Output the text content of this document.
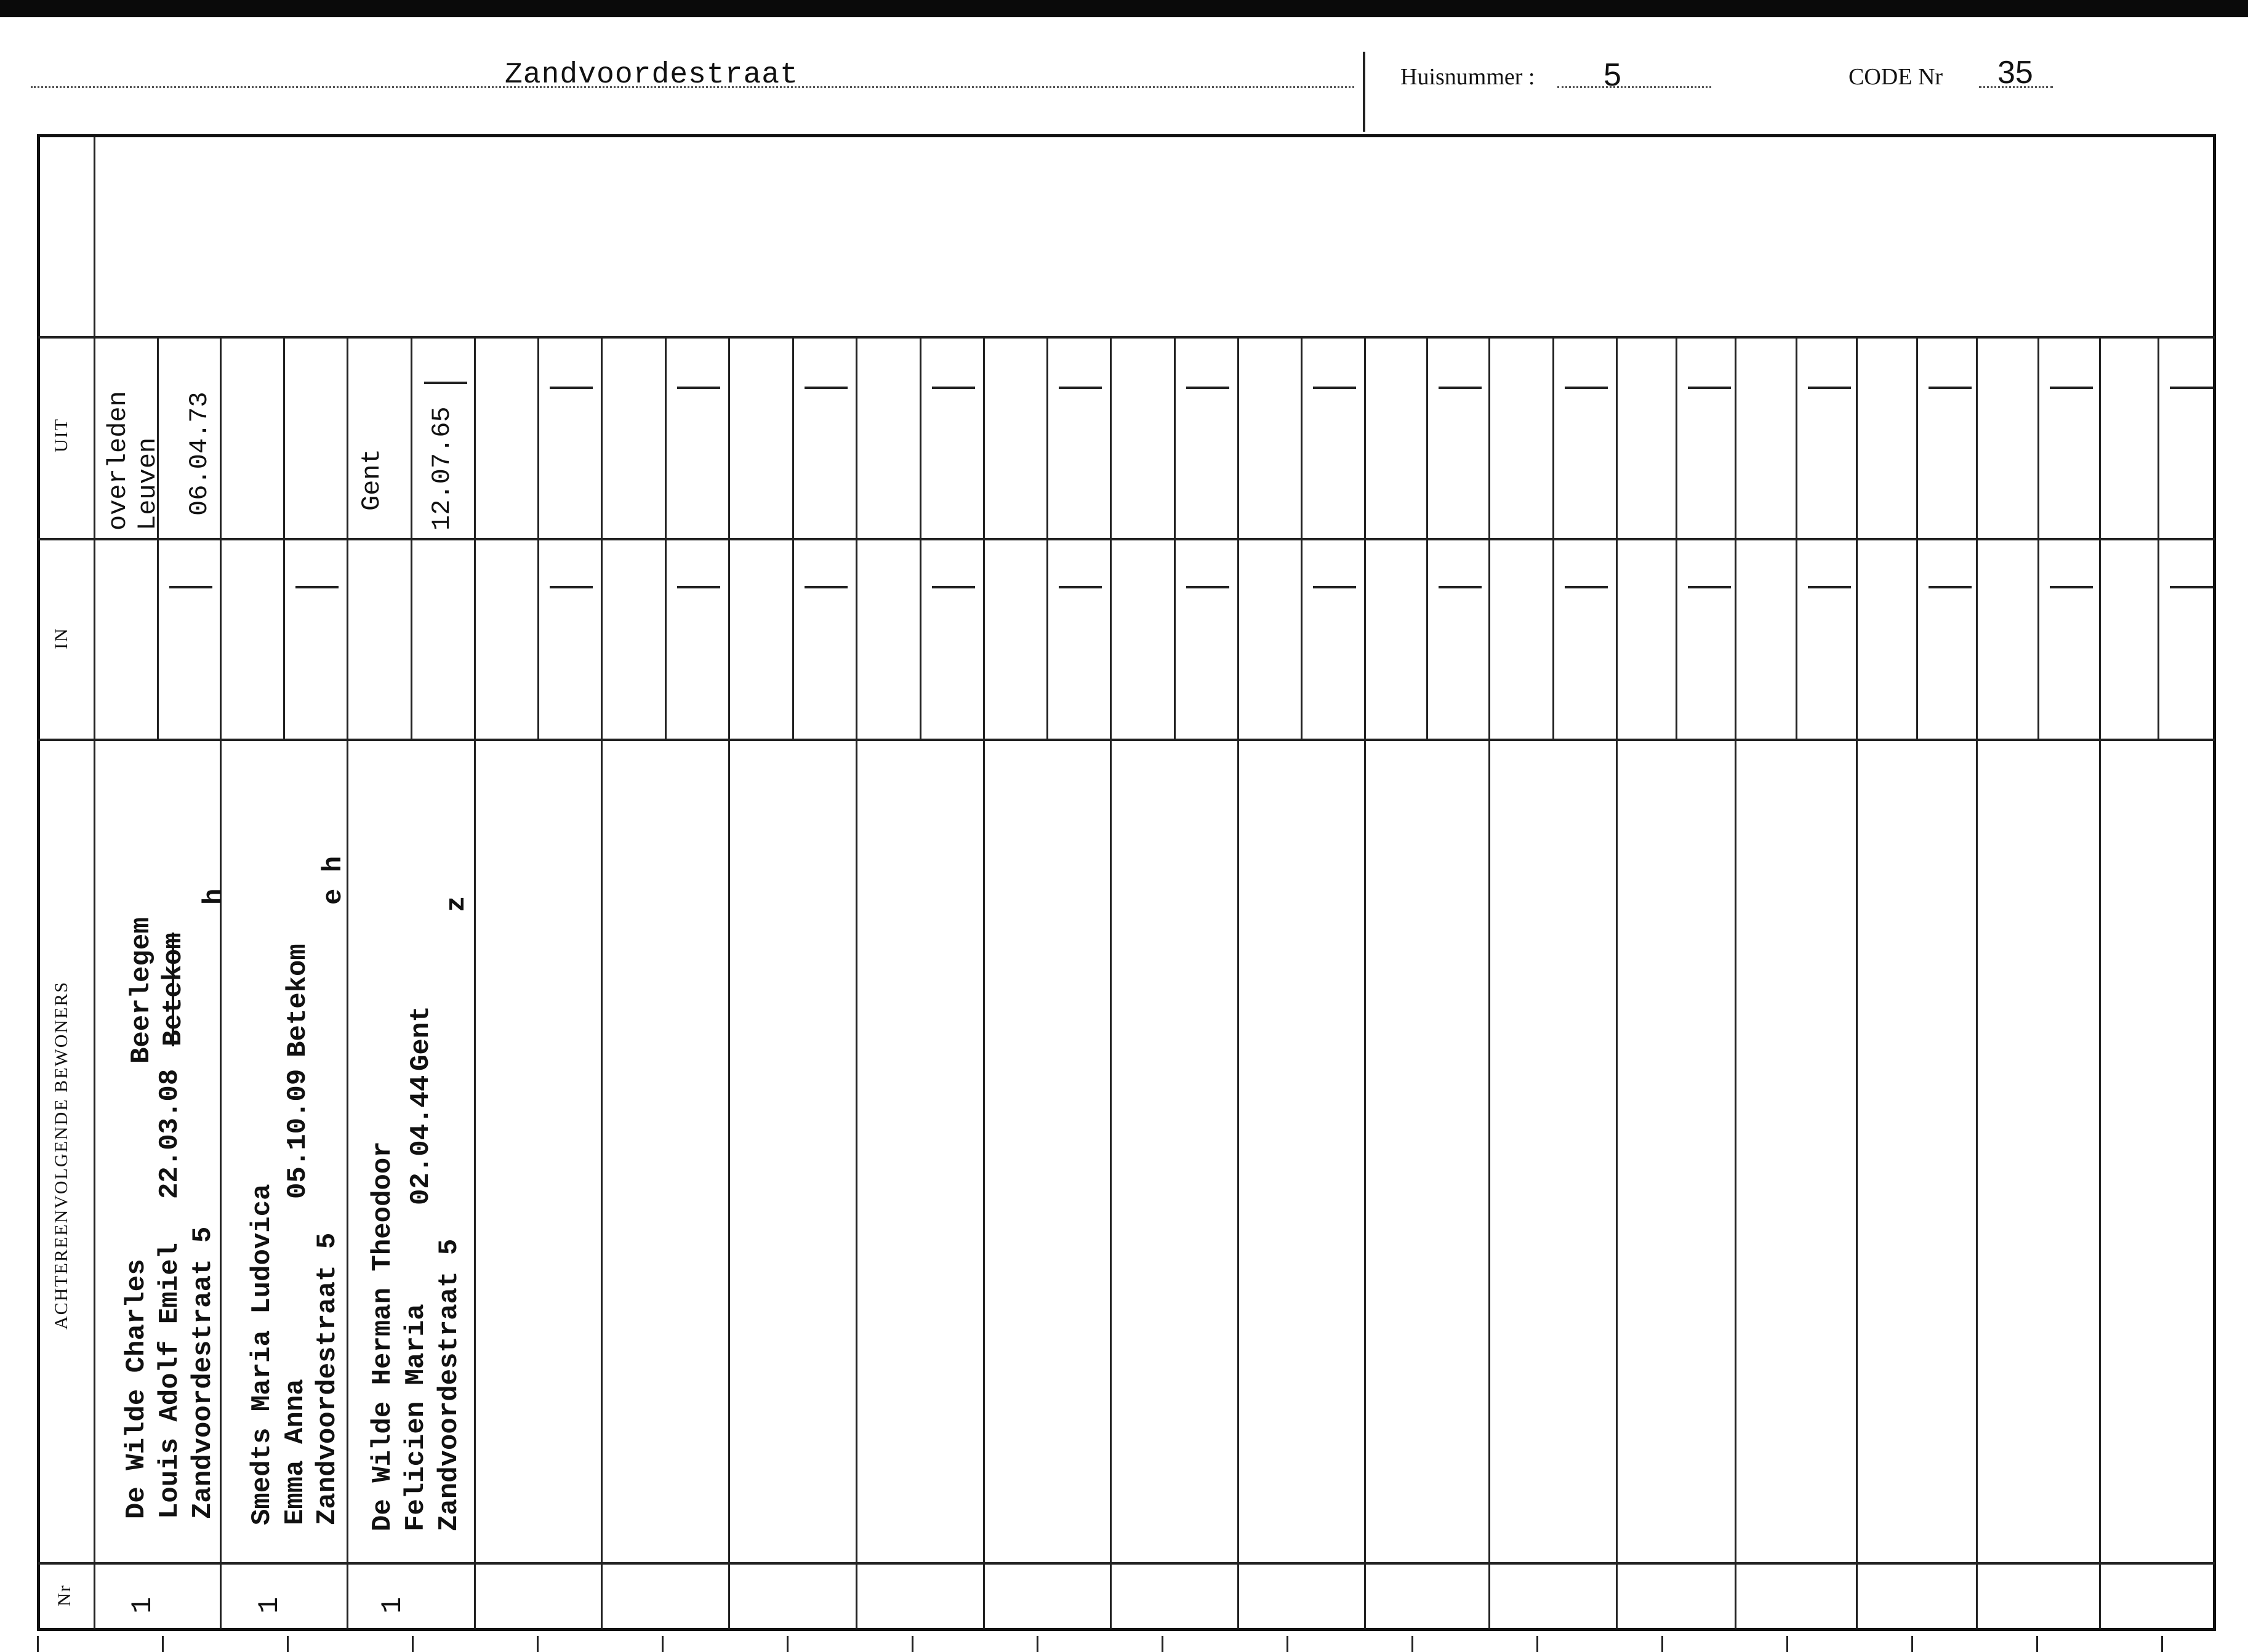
Zandvoordestraat	Huisnummer : 5	CODE Nr 35
UIT
IN
ACHTEREENVOLGENDE BEWONERS
Nr
overleden Leuven 06.04.73
De Wilde Charles Louis Adolf Emiel Zandvoordestraat 5
22.03.08
Beerlegem Betekom
h
1
Smedts Maria Ludovica Emma Anna Zandvoordestraat 5
05.10.09
Betekom
e h
1
Gent 12.07.65
De Wilde Herman Theodoor Felicien Maria Zandvoordestraat 5
02.04.44
Gent
z
1
